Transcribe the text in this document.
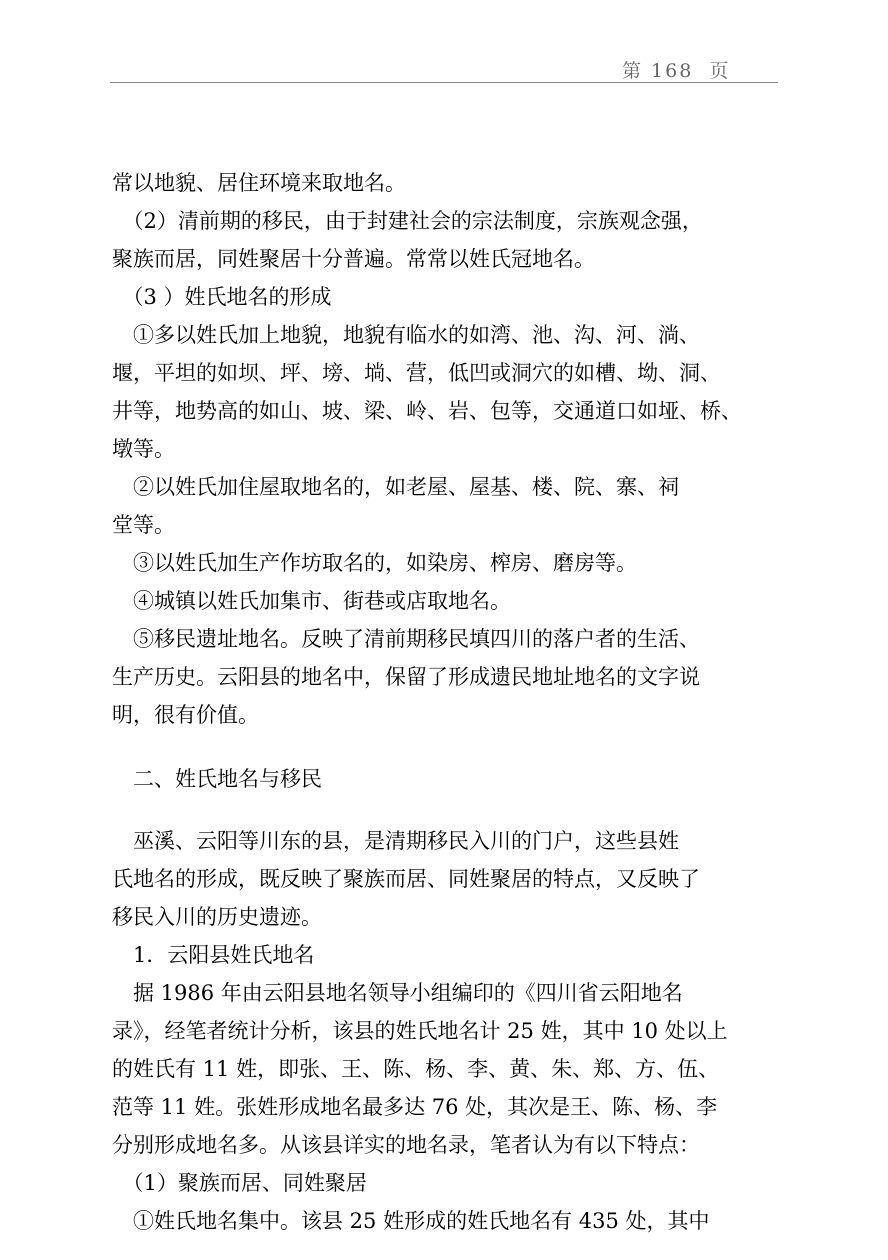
第 168  页

常以地貌、居住环境来取地名。

　（2）清前期的移民，由于封建社会的宗法制度，宗族观念强，

聚族而居，同姓聚居十分普遍。常常以姓氏冠地名。

　（3 ）姓氏地名的形成

　①多以姓氏加上地貌，地貌有临水的如湾、池、沟、河、淌、

堰，平坦的如坝、坪、塝、埫、营，低凹或洞穴的如槽、坳、洞、

井等，地势高的如山、坡、梁、岭、岩、包等，交通道口如垭、桥、

墩等。

　②以姓氏加住屋取地名的，如老屋、屋基、楼、院、寨、祠

堂等。

　③以姓氏加生产作坊取名的，如染房、榨房、磨房等。

　④城镇以姓氏加集市、街巷或店取地名。

　⑤移民遗址地名。反映了清前期移民填四川的落户者的生活、

生产历史。云阳县的地名中，保留了形成遗民地址地名的文字说

明，很有价值。

　二、姓氏地名与移民

　巫溪、云阳等川东的县，是清期移民入川的门户，这些县姓

氏地名的形成，既反映了聚族而居、同姓聚居的特点，又反映了

移民入川的历史遗迹。

　1．云阳县姓氏地名

　据 1986 年由云阳县地名领导小组编印的《四川省云阳地名

录》，经笔者统计分析，该县的姓氏地名计 25 姓，其中 10 处以上

的姓氏有 11 姓，即张、王、陈、杨、李、黄、朱、郑、方、伍、

范等 11 姓。张姓形成地名最多达 76 处，其次是王、陈、杨、李

分别形成地名多。从该县详实的地名录，笔者认为有以下特点：

　（1）聚族而居、同姓聚居

　①姓氏地名集中。该县 25 姓形成的姓氏地名有 435 处，其中
